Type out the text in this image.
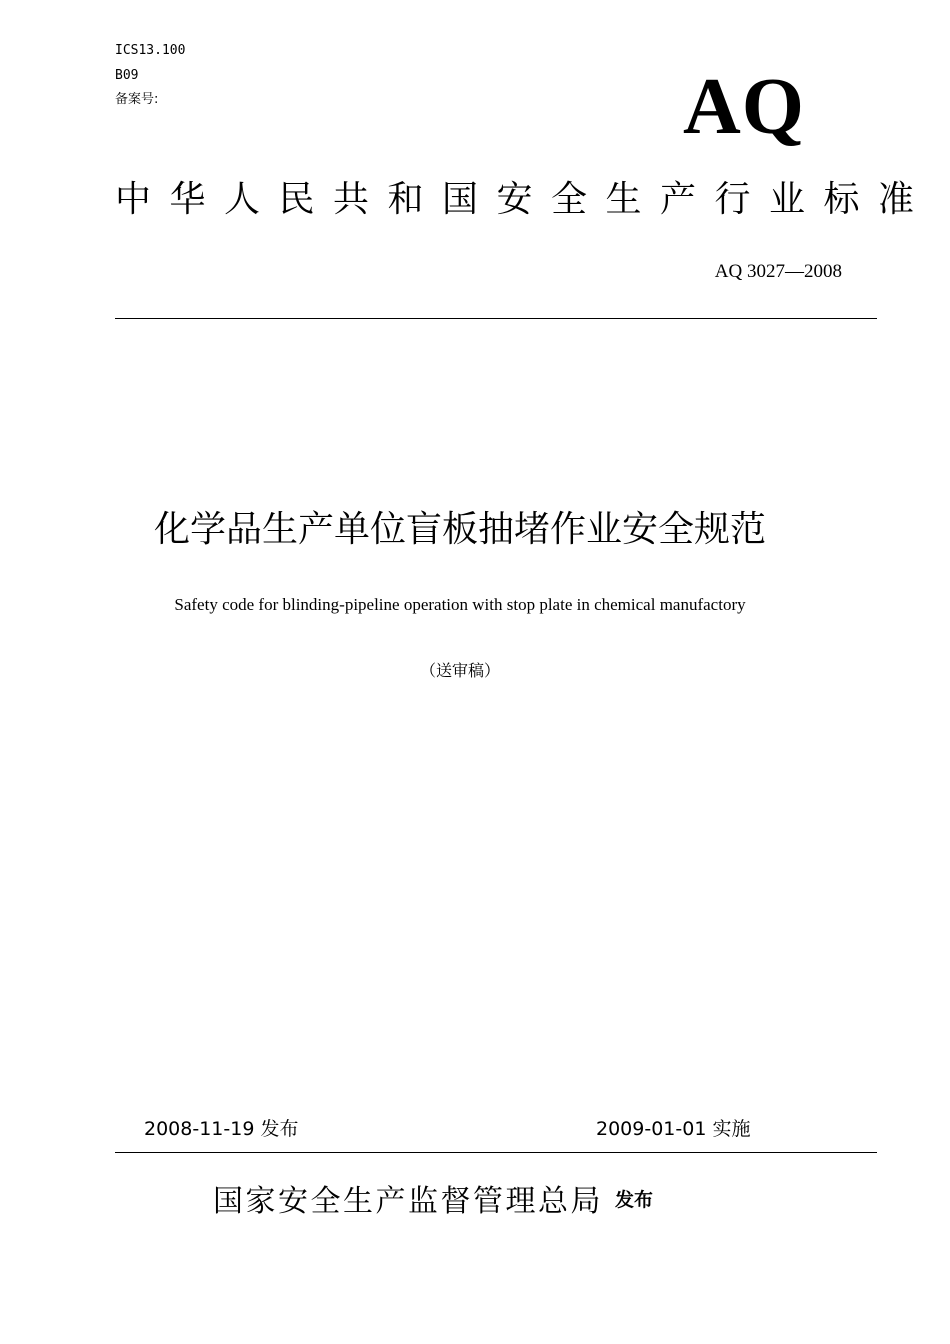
ICS13.100
B09
备案号:	AQ
中华人民共和国安全生产行业标准
AQ 3027—2008
化学品生产单位盲板抽堵作业安全规范
Safety code for blinding-pipeline operation with stop plate in chemical manufactory
（送审稿）
2008-11-19 发布	2009-01-01 实施
国家安全生产监督管理总局 发布
